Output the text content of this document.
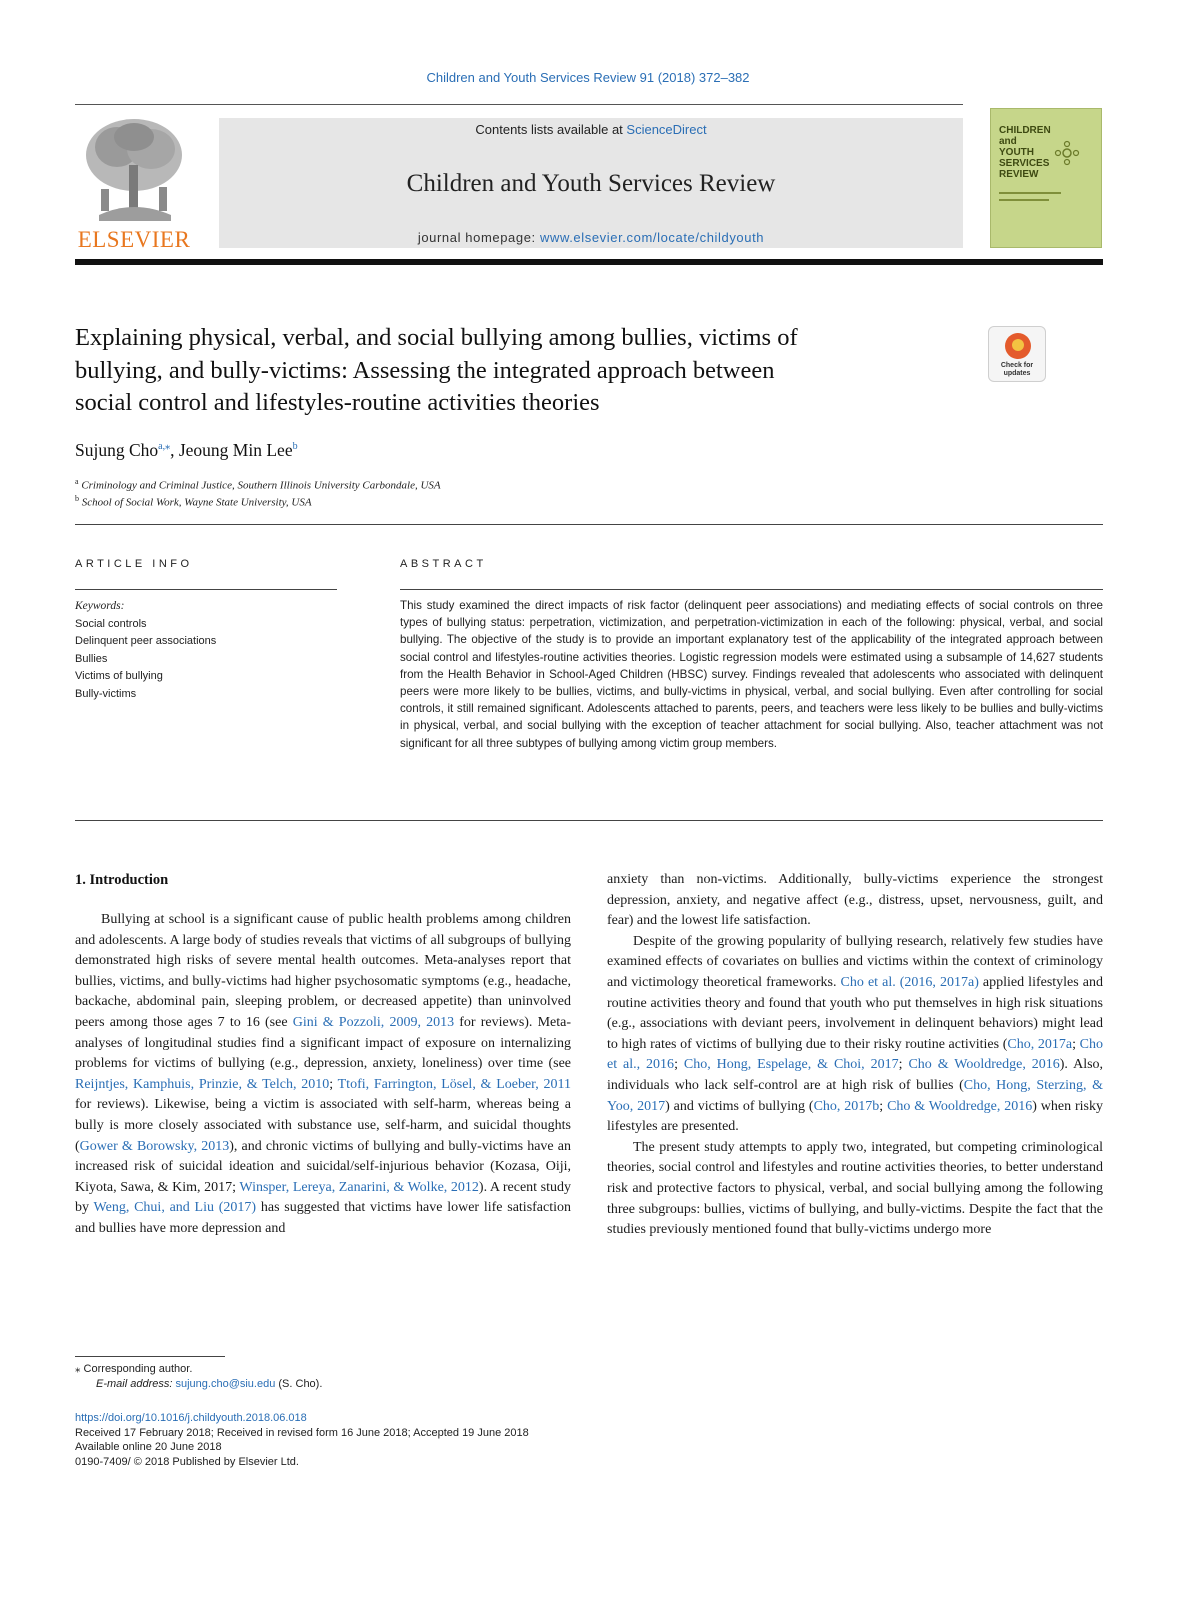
Children and Youth Services Review 91 (2018) 372–382
ELSEVIER
Contents lists available at ScienceDirect
Children and Youth Services Review
journal homepage: www.elsevier.com/locate/childyouth
CHILDREN
and
YOUTH
SERVICES
REVIEW
Explaining physical, verbal, and social bullying among bullies, victims of
bullying, and bully-victims: Assessing the integrated approach between
social control and lifestyles-routine activities theories
Check for updates
Sujung Cho$^{a,⁎}$, Jeoung Min Lee$^b$
$^a$ Criminology and Criminal Justice, Southern Illinois University Carbondale, USA
$^b$ School of Social Work, Wayne State University, USA
ARTICLE INFO
Keywords:
Social controls
Delinquent peer associations
Bullies
Victims of bullying
Bully-victims
ABSTRACT
This study examined the direct impacts of risk factor (delinquent peer associations) and mediating effects of social controls on three types of bullying status: perpetration, victimization, and perpetration-victimization in each of the following: physical, verbal, and social bullying. The objective of the study is to provide an important explanatory test of the applicability of the integrated approach between social control and lifestyles-routine activities theories. Logistic regression models were estimated using a subsample of 14,627 students from the Health Behavior in School-Aged Children (HBSC) survey. Findings revealed that adolescents who associated with delinquent peers were more likely to be bullies, victims, and bully-victims in physical, verbal, and social bullying. Even after controlling for social controls, it still remained significant. Adolescents attached to parents, peers, and teachers were less likely to be bullies and bully-victims in physical, verbal, and social bullying with the exception of teacher attachment for social bullying. Also, teacher attachment was not significant for all three subtypes of bullying among victim group members.
1. Introduction

Bullying at school is a significant cause of public health problems among children and adolescents. A large body of studies reveals that victims of all subgroups of bullying demonstrated high risks of severe mental health outcomes. Meta-analyses report that bullies, victims, and bully-victims had higher psychosomatic symptoms (e.g., headache, backache, abdominal pain, sleeping problem, or decreased appetite) than uninvolved peers among those ages 7 to 16 (see Gini & Pozzoli, 2009, 2013 for reviews). Meta-analyses of longitudinal studies find a significant impact of exposure on internalizing problems for victims of bullying (e.g., depression, anxiety, loneliness) over time (see Reijntjes, Kamphuis, Prinzie, & Telch, 2010; Ttofi, Farrington, Lösel, & Loeber, 2011 for reviews). Likewise, being a victim is associated with self-harm, whereas being a bully is more closely associated with substance use, self-harm, and suicidal thoughts (Gower & Borowsky, 2013), and chronic victims of bullying and bully-victims have an increased risk of suicidal ideation and suicidal/self-injurious behavior (Kozasa, Oiji, Kiyota, Sawa, & Kim, 2017; Winsper, Lereya, Zanarini, & Wolke, 2012). A recent study by Weng, Chui, and Liu (2017) has suggested that victims have lower life satisfaction and bullies have more depression and

anxiety than non-victims. Additionally, bully-victims experience the strongest depression, anxiety, and negative affect (e.g., distress, upset, nervousness, guilt, and fear) and the lowest life satisfaction.

Despite of the growing popularity of bullying research, relatively few studies have examined effects of covariates on bullies and victims within the context of criminology and victimology theoretical frameworks. Cho et al. (2016, 2017a) applied lifestyles and routine activities theory and found that youth who put themselves in high risk situations (e.g., associations with deviant peers, involvement in delinquent behaviors) might lead to high rates of victims of bullying due to their risky routine activities (Cho, 2017a; Cho et al., 2016; Cho, Hong, Espelage, & Choi, 2017; Cho & Wooldredge, 2016). Also, individuals who lack self-control are at high risk of bullies (Cho, Hong, Sterzing, & Yoo, 2017) and victims of bullying (Cho, 2017b; Cho & Wooldredge, 2016) when risky lifestyles are presented.

The present study attempts to apply two, integrated, but competing criminological theories, social control and lifestyles and routine activities theories, to better understand risk and protective factors to physical, verbal, and social bullying among the following three subgroups: bullies, victims of bullying, and bully-victims. Despite the fact that the studies previously mentioned found that bully-victims undergo more

⁎ Corresponding author.
E-mail address: sujung.cho@siu.edu (S. Cho).
https://doi.org/10.1016/j.childyouth.2018.06.018
Received 17 February 2018; Received in revised form 16 June 2018; Accepted 19 June 2018
Available online 20 June 2018
0190-7409/ © 2018 Published by Elsevier Ltd.
